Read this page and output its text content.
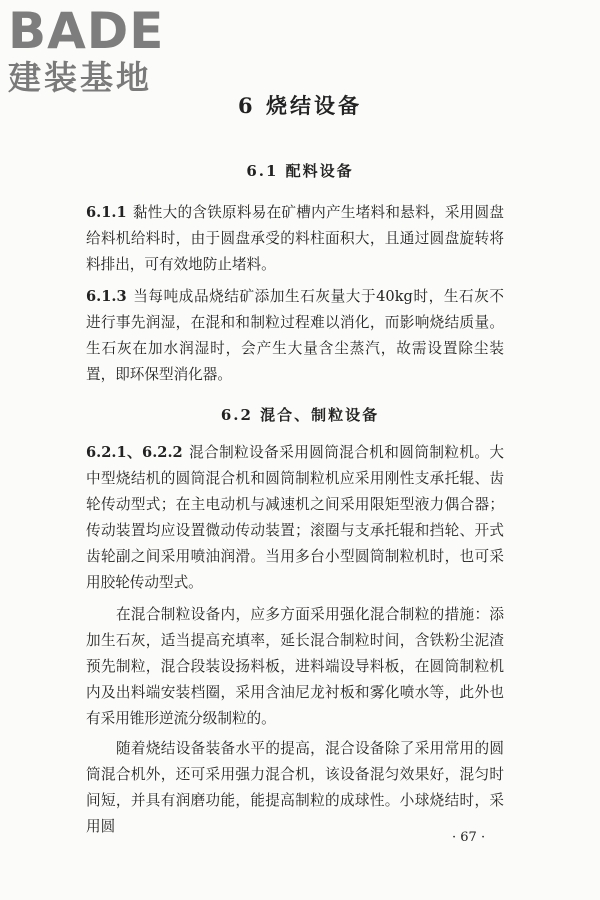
BADE
建装基地
6 烧结设备
6.1 配料设备

6.1.1 黏性大的含铁原料易在矿槽内产生堵料和悬料，采用圆盘给料机给料时，由于圆盘承受的料柱面积大，且通过圆盘旋转将料排出，可有效地防止堵料。

6.1.3 当每吨成品烧结矿添加生石灰量大于40kg时，生石灰不进行事先润湿，在混和和制粒过程难以消化，而影响烧结质量。生石灰在加水润湿时，会产生大量含尘蒸汽，故需设置除尘装置，即环保型消化器。

6.2 混合、制粒设备

6.2.1、6.2.2 混合制粒设备采用圆筒混合机和圆筒制粒机。大中型烧结机的圆筒混合机和圆筒制粒机应采用刚性支承托辊、齿轮传动型式；在主电动机与减速机之间采用限矩型液力偶合器；传动装置均应设置微动传动装置；滚圈与支承托辊和挡轮、开式齿轮副之间采用喷油润滑。当用多台小型圆筒制粒机时，也可采用胶轮传动型式。

在混合制粒设备内，应多方面采用强化混合制粒的措施：添加生石灰，适当提高充填率，延长混合制粒时间，含铁粉尘泥渣预先制粒，混合段装设扬料板，进料端设导料板，在圆筒制粒机内及出料端安装档圈，采用含油尼龙衬板和雾化喷水等，此外也有采用锥形逆流分级制粒的。

随着烧结设备装备水平的提高，混合设备除了采用常用的圆筒混合机外，还可采用强力混合机，该设备混匀效果好，混匀时间短，并具有润磨功能，能提高制粒的成球性。小球烧结时，采用圆

· 67 ·
